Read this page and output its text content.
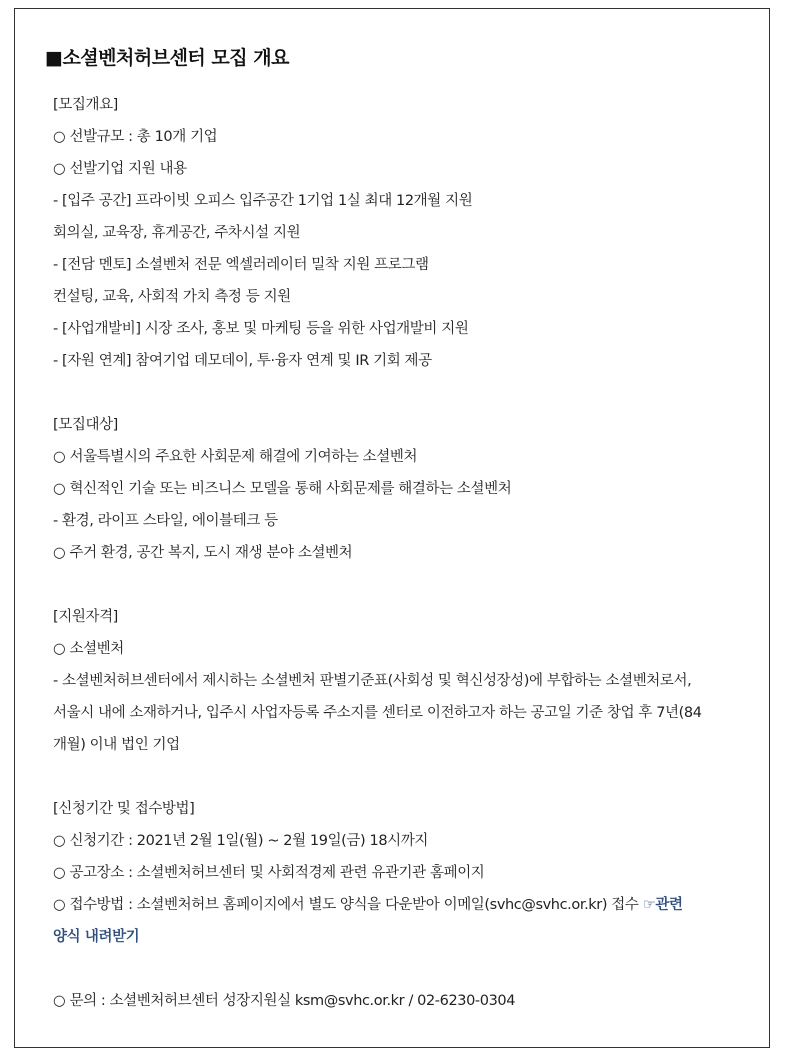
■소셜벤처허브센터 모집 개요
[모집개요]
○ 선발규모 : 총 10개 기업
○ 선발기업 지원 내용
- [입주 공간] 프라이빗 오피스 입주공간 1기업 1실 최대 12개월 지원
회의실, 교육장, 휴게공간, 주차시설 지원
- [전담 멘토] 소셜벤처 전문 엑셀러레이터 밀착 지원 프로그램
컨설팅, 교육, 사회적 가치 측정 등 지원
- [사업개발비] 시장 조사, 홍보 및 마케팅 등을 위한 사업개발비 지원
- [자원 연계] 참여기업 데모데이, 투·융자 연계 및 IR 기회 제공
[모집대상]
○ 서울특별시의 주요한 사회문제 해결에 기여하는 소셜벤처
○ 혁신적인 기술 또는 비즈니스 모델을 통해 사회문제를 해결하는 소셜벤처
- 환경, 라이프 스타일, 에이블테크 등
○ 주거 환경, 공간 복지, 도시 재생 분야 소셜벤처
[지원자격]
○ 소셜벤처
- 소셜벤처허브센터에서 제시하는 소셜벤처 판별기준표(사회성 및 혁신성장성)에 부합하는 소셜벤처로서,
서울시 내에 소재하거나, 입주시 사업자등록 주소지를 센터로 이전하고자 하는 공고일 기준 창업 후 7년(84
개월) 이내 법인 기업
[신청기간 및 접수방법]
○ 신청기간 : 2021년 2월 1일(월) ~ 2월 19일(금) 18시까지
○ 공고장소 : 소셜벤처허브센터 및 사회적경제 관련 유관기관 홈페이지
○ 접수방법 : 소셜벤처허브 홈페이지에서 별도 양식을 다운받아 이메일(svhc@svhc.or.kr) 접수 ☞관련
양식 내려받기
○ 문의 : 소셜벤처허브센터 성장지원실 ksm@svhc.or.kr / 02-6230-0304
